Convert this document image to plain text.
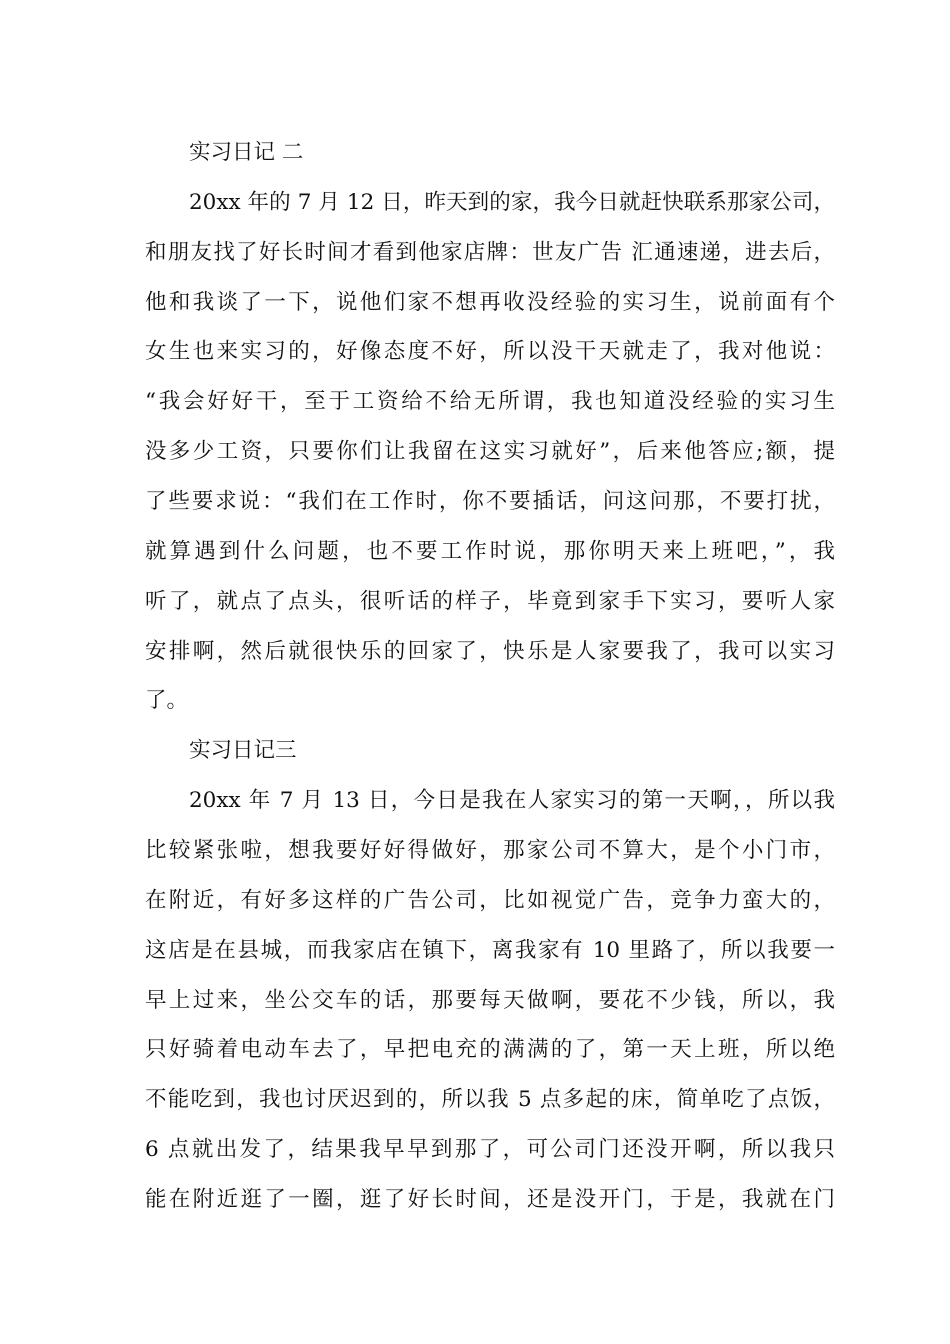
实习日记 二
20xx 年的 7 月 12 日，昨天到的家，我今日就赶快联系那家公司，
和朋友找了好长时间才看到他家店牌：世友广告 汇通速递，进去后，
他和我谈了一下，说他们家不想再收没经验的实习生，说前面有个
女生也来实习的，好像态度不好，所以没干天就走了，我对他说：
“我会好好干，至于工资给不给无所谓，我也知道没经验的实习生
没多少工资，只要你们让我留在这实习就好”，后来他答应;额，提
了些要求说：“我们在工作时，你不要插话，问这问那，不要打扰，
就算遇到什么问题，也不要工作时说，那你明天来上班吧，”，我
听了，就点了点头，很听话的样子，毕竟到家手下实习，要听人家
安排啊，然后就很快乐的回家了，快乐是人家要我了，我可以实习
了。
实习日记三
20xx 年 7 月 13 日，今日是我在人家实习的第一天啊，，所以我
比较紧张啦，想我要好好得做好，那家公司不算大，是个小门市，
在附近，有好多这样的广告公司，比如视觉广告，竞争力蛮大的，
这店是在县城，而我家店在镇下，离我家有 10 里路了，所以我要一
早上过来，坐公交车的话，那要每天做啊，要花不少钱，所以，我
只好骑着电动车去了，早把电充的满满的了，第一天上班，所以绝
不能吃到，我也讨厌迟到的，所以我 5 点多起的床，简单吃了点饭，
6 点就出发了，结果我早早到那了，可公司门还没开啊，所以我只
能在附近逛了一圈，逛了好长时间，还是没开门，于是，我就在门
